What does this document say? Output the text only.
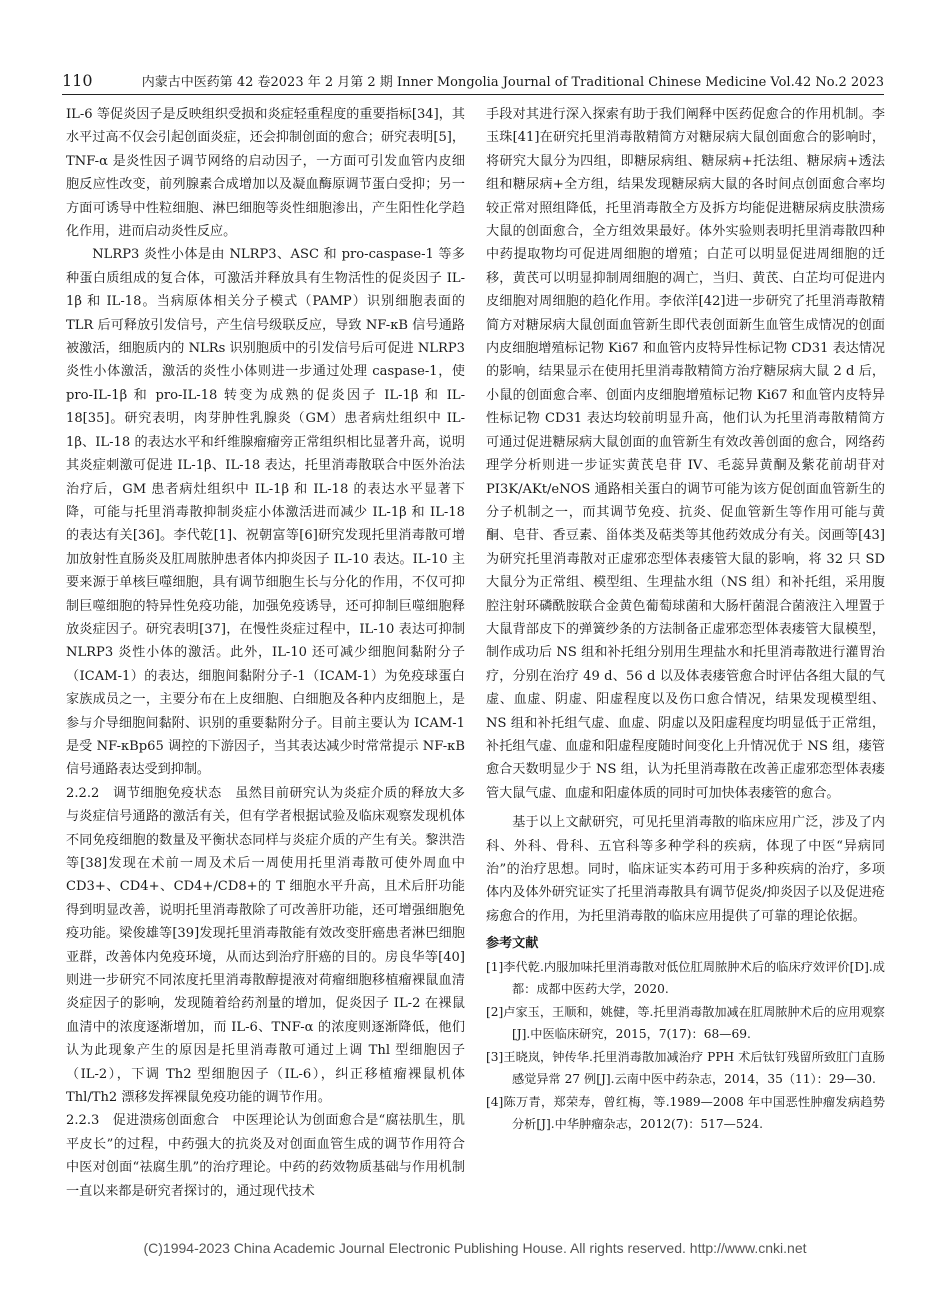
110	内蒙古中医药第 42 卷2023 年 2 月第 2 期 Inner Mongolia Journal of Traditional Chinese Medicine Vol.42 No.2 2023

IL-6 等促炎因子是反映组织受损和炎症轻重程度的重要指标[34]，其水平过高不仅会引起创面炎症，还会抑制创面的愈合；研究表明[5]，TNF-α 是炎性因子调节网络的启动因子，一方面可引发血管内皮细胞反应性改变，前列腺素合成增加以及凝血酶原调节蛋白受抑；另一方面可诱导中性粒细胞、淋巴细胞等炎性细胞渗出，产生阳性化学趋化作用，进而启动炎性反应。

NLRP3 炎性小体是由 NLRP3、ASC 和 pro-caspase-1 等多种蛋白质组成的复合体，可激活并释放具有生物活性的促炎因子 IL-1β 和 IL-18。当病原体相关分子模式（PAMP）识别细胞表面的 TLR 后可释放引发信号，产生信号级联反应，导致 NF-κB 信号通路被激活，细胞质内的 NLRs 识别胞质中的引发信号后可促进 NLRP3 炎性小体激活，激活的炎性小体则进一步通过处理 caspase-1，使 pro-IL-1β 和 pro-IL-18 转变为成熟的促炎因子 IL-1β 和 IL-18[35]。研究表明，肉芽肿性乳腺炎（GM）患者病灶组织中 IL-1β、IL-18 的表达水平和纤维腺瘤瘤旁正常组织相比显著升高，说明其炎症刺激可促进 IL-1β、IL-18 表达，托里消毒散联合中医外治法治疗后，GM 患者病灶组织中 IL-1β 和 IL-18 的表达水平显著下降，可能与托里消毒散抑制炎症小体激活进而减少 IL-1β 和 IL-18 的表达有关[36]。李代乾[1]、祝朝富等[6]研究发现托里消毒散可增加放射性直肠炎及肛周脓肿患者体内抑炎因子 IL-10 表达。IL-10 主要来源于单核巨噬细胞，具有调节细胞生长与分化的作用，不仅可抑制巨噬细胞的特异性免疫功能，加强免疫诱导，还可抑制巨噬细胞释放炎症因子。研究表明[37]，在慢性炎症过程中，IL-10 表达可抑制 NLRP3 炎性小体的激活。此外，IL-10 还可减少细胞间黏附分子（ICAM-1）的表达，细胞间黏附分子-1（ICAM-1）为免疫球蛋白家族成员之一，主要分布在上皮细胞、白细胞及各种内皮细胞上，是参与介导细胞间黏附、识别的重要黏附分子。目前主要认为 ICAM-1 是受 NF-κBp65 调控的下游因子，当其表达减少时常常提示 NF-κB 信号通路表达受到抑制。

2.2.2　调节细胞免疫状态　虽然目前研究认为炎症介质的释放大多与炎症信号通路的激活有关，但有学者根据试验及临床观察发现机体不同免疫细胞的数量及平衡状态同样与炎症介质的产生有关。黎洪浩等[38]发现在术前一周及术后一周使用托里消毒散可使外周血中 CD3+、CD4+、CD4+/CD8+的 T 细胞水平升高，且术后肝功能得到明显改善，说明托里消毒散除了可改善肝功能，还可增强细胞免疫功能。梁俊雄等[39]发现托里消毒散能有效改变肝癌患者淋巴细胞亚群，改善体内免疫环境，从而达到治疗肝癌的目的。房良华等[40]则进一步研究不同浓度托里消毒散醇提液对荷瘤细胞移植瘤裸鼠血清炎症因子的影响，发现随着给药剂量的增加，促炎因子 IL-2 在裸鼠血清中的浓度逐渐增加，而 IL-6、TNF-α 的浓度则逐渐降低，他们认为此现象产生的原因是托里消毒散可通过上调 Thl 型细胞因子（IL-2），下调 Th2 型细胞因子（IL-6），纠正移植瘤裸鼠机体 Thl/Th2 漂移发挥裸鼠免疫功能的调节作用。

2.2.3　促进溃疡创面愈合　中医理论认为创面愈合是“腐祛肌生，肌平皮长”的过程，中药强大的抗炎及对创面血管生成的调节作用符合中医对创面“祛腐生肌”的治疗理论。中药的药效物质基础与作用机制一直以来都是研究者探讨的，通过现代技术

手段对其进行深入探索有助于我们阐释中医药促愈合的作用机制。李玉珠[41]在研究托里消毒散精简方对糖尿病大鼠创面愈合的影响时，将研究大鼠分为四组，即糖尿病组、糖尿病+托法组、糖尿病+透法组和糖尿病+全方组，结果发现糖尿病大鼠的各时间点创面愈合率均较正常对照组降低，托里消毒散全方及拆方均能促进糖尿病皮肤溃疡大鼠的创面愈合，全方组效果最好。体外实验则表明托里消毒散四种中药提取物均可促进周细胞的增殖；白芷可以明显促进周细胞的迁移，黄芪可以明显抑制周细胞的凋亡，当归、黄芪、白芷均可促进内皮细胞对周细胞的趋化作用。李依洋[42]进一步研究了托里消毒散精简方对糖尿病大鼠创面血管新生即代表创面新生血管生成情况的创面内皮细胞增殖标记物 Ki67 和血管内皮特异性标记物 CD31 表达情况的影响，结果显示在使用托里消毒散精简方治疗糖尿病大鼠 2 d 后，小鼠的创面愈合率、创面内皮细胞增殖标记物 Ki67 和血管内皮特异性标记物 CD31 表达均较前明显升高，他们认为托里消毒散精简方可通过促进糖尿病大鼠创面的血管新生有效改善创面的愈合，网络药理学分析则进一步证实黄芪皂苷 IV、毛蕊异黄酮及紫花前胡苷对 PI3K/AKt/eNOS 通路相关蛋白的调节可能为该方促创面血管新生的分子机制之一，而其调节免疫、抗炎、促血管新生等作用可能与黄酮、皂苷、香豆素、甾体类及萜类等其他药效成分有关。闵画等[43]为研究托里消毒散对正虚邪恋型体表瘘管大鼠的影响，将 32 只 SD 大鼠分为正常组、模型组、生理盐水组（NS 组）和补托组，采用腹腔注射环磷酰胺联合金黄色葡萄球菌和大肠杆菌混合菌液注入埋置于大鼠背部皮下的弹簧纱条的方法制备正虚邪恋型体表瘘管大鼠模型，制作成功后 NS 组和补托组分别用生理盐水和托里消毒散进行灌胃治疗，分别在治疗 49 d、56 d 以及体表瘘管愈合时评估各组大鼠的气虚、血虚、阴虚、阳虚程度以及伤口愈合情况，结果发现模型组、NS 组和补托组气虚、血虚、阴虚以及阳虚程度均明显低于正常组，补托组气虚、血虚和阳虚程度随时间变化上升情况优于 NS 组，瘘管愈合天数明显少于 NS 组，认为托里消毒散在改善正虚邪恋型体表瘘管大鼠气虚、血虚和阳虚体质的同时可加快体表瘘管的愈合。

基于以上文献研究，可见托里消毒散的临床应用广泛，涉及了内科、外科、骨科、五官科等多种学科的疾病，体现了中医“异病同治”的治疗思想。同时，临床证实本药可用于多种疾病的治疗，多项体内及体外研究证实了托里消毒散具有调节促炎/抑炎因子以及促进疮疡愈合的作用，为托里消毒散的临床应用提供了可靠的理论依据。

参考文献

[1]李代乾.内服加味托里消毒散对低位肛周脓肿术后的临床疗效评价[D].成都：成都中医药大学，2020.

[2]卢家玉，王顺和，姚健，等.托里消毒散加减在肛周脓肿术后的应用观察[J].中医临床研究，2015，7(17)：68—69.

[3]王晓岚，钟传华.托里消毒散加减治疗 PPH 术后钛钉残留所致肛门直肠感觉异常 27 例[J].云南中医中药杂志，2014，35（11）：29—30.

[4]陈万青，郑荣寿，曾红梅，等.1989—2008 年中国恶性肿瘤发病趋势分析[J].中华肿瘤杂志，2012(7)：517—524.

(C)1994-2023 China Academic Journal Electronic Publishing House. All rights reserved. http://www.cnki.net
